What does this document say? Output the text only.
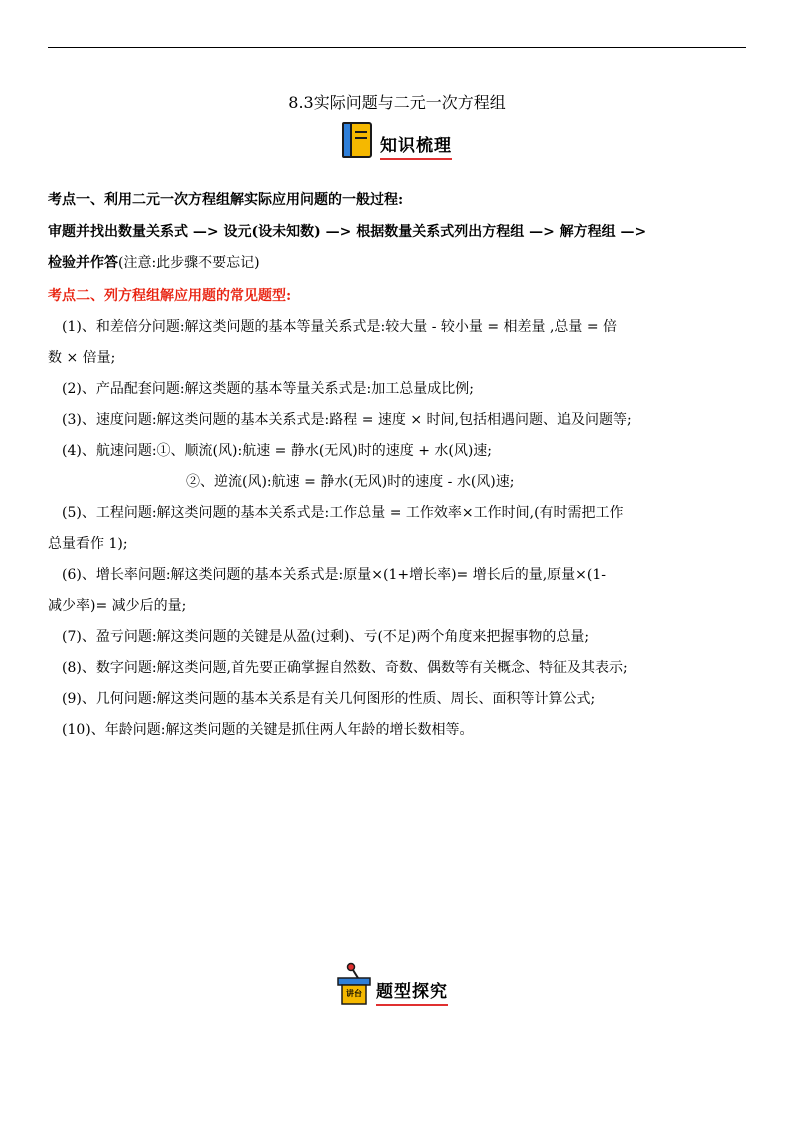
8.3实际问题与二元一次方程组
知识梳理
考点一、利用二元一次方程组解实际应用问题的一般过程:
审题并找出数量关系式 —> 设元(设未知数) —> 根据数量关系式列出方程组 —> 解方程组 —>
检验并作答(注意:此步骤不要忘记)
考点二、列方程组解应用题的常见题型:
(1)、和差倍分问题:解这类问题的基本等量关系式是:较大量 - 较小量 = 相差量 ,总量 = 倍
数 × 倍量;
(2)、产品配套问题:解这类题的基本等量关系式是:加工总量成比例;
(3)、速度问题:解这类问题的基本关系式是:路程 = 速度 × 时间,包括相遇问题、追及问题等;
(4)、航速问题:①、顺流(风):航速 = 静水(无风)时的速度 + 水(风)速;
②、逆流(风):航速 = 静水(无风)时的速度 - 水(风)速;
(5)、工程问题:解这类问题的基本关系式是:工作总量 = 工作效率×工作时间,(有时需把工作
总量看作 1);
(6)、增长率问题:解这类问题的基本关系式是:原量×(1+增长率)= 增长后的量,原量×(1-
减少率)= 减少后的量;
(7)、盈亏问题:解这类问题的关键是从盈(过剩)、亏(不足)两个角度来把握事物的总量;
(8)、数字问题:解这类问题,首先要正确掌握自然数、奇数、偶数等有关概念、特征及其表示;
(9)、几何问题:解这类问题的基本关系是有关几何图形的性质、周长、面积等计算公式;
(10)、年龄问题:解这类问题的关键是抓住两人年龄的增长数相等。
讲台 题型探究
